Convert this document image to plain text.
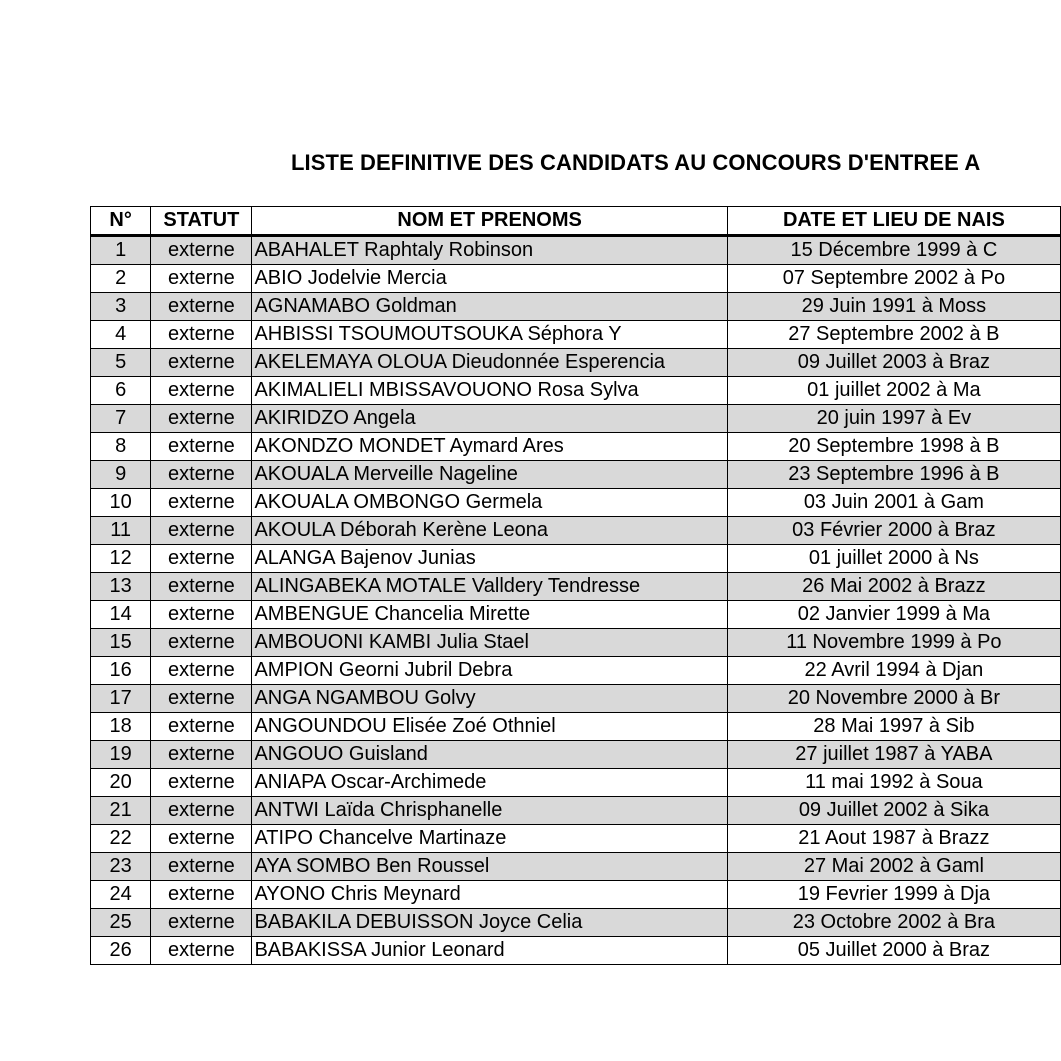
LISTE DEFINITIVE DES CANDIDATS AU CONCOURS D'ENTREE A
N°	STATUT	NOM ET PRENOMS	DATE ET LIEU DE NAIS
1	externe	ABAHALET Raphtaly Robinson	15 Décembre 1999 à C
2	externe	ABIO Jodelvie Mercia	07 Septembre 2002 à Po
3	externe	AGNAMABO Goldman	29 Juin 1991 à Moss
4	externe	AHBISSI TSOUMOUTSOUKA Séphora Y	27 Septembre 2002 à B
5	externe	AKELEMAYA OLOUA Dieudonnée Esperencia	09 Juillet 2003 à Braz
6	externe	AKIMALIELI MBISSAVOUONO Rosa Sylva	01 juillet 2002 à Ma
7	externe	AKIRIDZO Angela	20 juin 1997 à Ev
8	externe	AKONDZO MONDET Aymard Ares	20 Septembre 1998 à B
9	externe	AKOUALA Merveille Nageline	23 Septembre 1996 à B
10	externe	AKOUALA OMBONGO Germela	03 Juin 2001 à Gam
11	externe	AKOULA Déborah Kerène Leona	03 Février 2000 à Braz
12	externe	ALANGA Bajenov Junias	01 juillet 2000 à Ns
13	externe	ALINGABEKA MOTALE Valldery Tendresse	26 Mai 2002 à Brazz
14	externe	AMBENGUE Chancelia Mirette	02 Janvier 1999 à Ma
15	externe	AMBOUONI KAMBI Julia Stael	11 Novembre 1999 à Po
16	externe	AMPION Georni Jubril Debra	22 Avril 1994 à Djan
17	externe	ANGA NGAMBOU Golvy	20 Novembre 2000 à Br
18	externe	ANGOUNDOU Elisée Zoé Othniel	28 Mai 1997 à Sib
19	externe	ANGOUO Guisland	27 juillet 1987 à YABA
20	externe	ANIAPA Oscar-Archimede	11 mai 1992 à Soua
21	externe	ANTWI Laïda Chrisphanelle	09 Juillet 2002 à Sika
22	externe	ATIPO Chancelve Martinaze	21 Aout 1987 à Brazz
23	externe	AYA SOMBO Ben Roussel	27 Mai 2002 à Gaml
24	externe	AYONO Chris Meynard	19 Fevrier 1999 à Dja
25	externe	BABAKILA DEBUISSON Joyce Celia	23 Octobre 2002 à Bra
26	externe	BABAKISSA Junior Leonard	05 Juillet 2000 à Braz
